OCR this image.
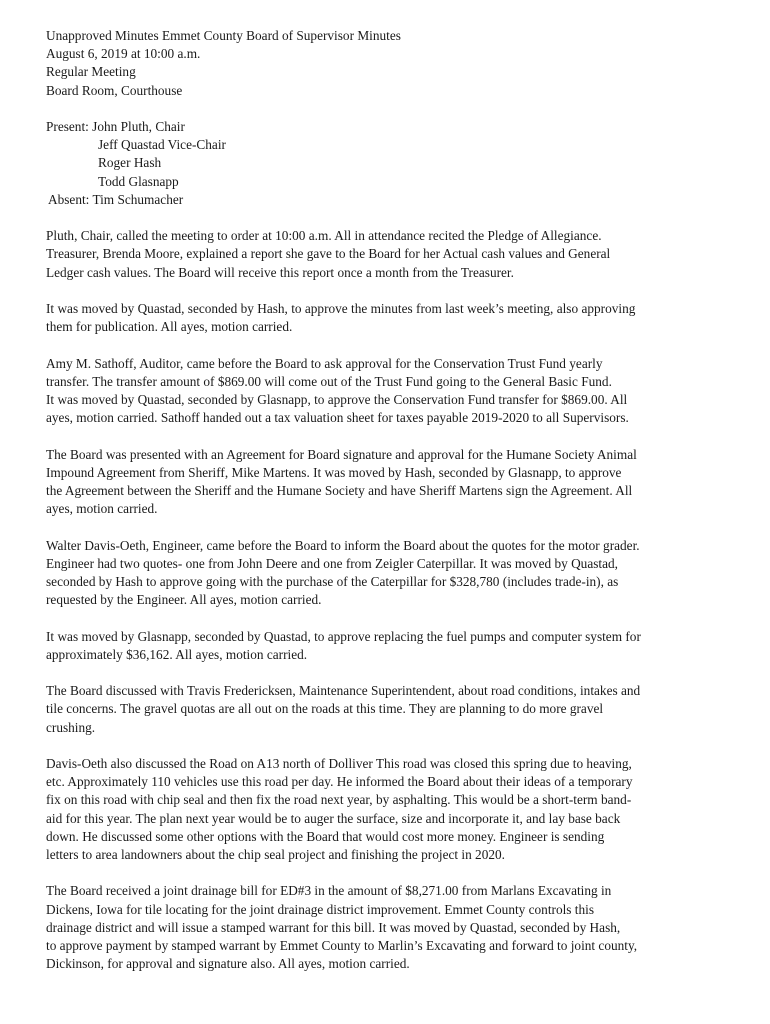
Unapproved Minutes Emmet County Board of Supervisor Minutes
August 6, 2019 at 10:00 a.m.
Regular Meeting
Board Room, Courthouse
Present: John Pluth, Chair
Jeff Quastad Vice-Chair
Roger Hash
Todd Glasnapp
Absent: Tim Schumacher
Pluth, Chair, called the meeting to order at 10:00 a.m. All in attendance recited the Pledge of Allegiance.
Treasurer, Brenda Moore, explained a report she gave to the Board for her Actual cash values and General
Ledger cash values. The Board will receive this report once a month from the Treasurer.
It was moved by Quastad, seconded by Hash, to approve the minutes from last week’s meeting, also approving
them for publication. All ayes, motion carried.
Amy M. Sathoff, Auditor, came before the Board to ask approval for the Conservation Trust Fund yearly
transfer. The transfer amount of $869.00 will come out of the Trust Fund going to the General Basic Fund.
It was moved by Quastad, seconded by Glasnapp, to approve the Conservation Fund transfer for $869.00. All
ayes, motion carried. Sathoff handed out a tax valuation sheet for taxes payable 2019-2020 to all Supervisors.
The Board was presented with an Agreement for Board signature and approval for the Humane Society Animal
Impound Agreement from Sheriff, Mike Martens. It was moved by Hash, seconded by Glasnapp, to approve
the Agreement between the Sheriff and the Humane Society and have Sheriff Martens sign the Agreement. All
ayes, motion carried.
Walter Davis-Oeth, Engineer, came before the Board to inform the Board about the quotes for the motor grader.
Engineer had two quotes- one from John Deere and one from Zeigler Caterpillar. It was moved by Quastad,
seconded by Hash to approve going with the purchase of the Caterpillar for $328,780 (includes trade-in), as
requested by the Engineer. All ayes, motion carried.
It was moved by Glasnapp, seconded by Quastad, to approve replacing the fuel pumps and computer system for
approximately $36,162. All ayes, motion carried.
The Board discussed with Travis Fredericksen, Maintenance Superintendent, about road conditions, intakes and
tile concerns. The gravel quotas are all out on the roads at this time. They are planning to do more gravel
crushing.
Davis-Oeth also discussed the Road on A13 north of Dolliver This road was closed this spring due to heaving,
etc. Approximately 110 vehicles use this road per day. He informed the Board about their ideas of a temporary
fix on this road with chip seal and then fix the road next year, by asphalting. This would be a short-term band-
aid for this year. The plan next year would be to auger the surface, size and incorporate it, and lay base back
down. He discussed some other options with the Board that would cost more money. Engineer is sending
letters to area landowners about the chip seal project and finishing the project in 2020.
The Board received a joint drainage bill for ED#3 in the amount of $8,271.00 from Marlans Excavating in
Dickens, Iowa for tile locating for the joint drainage district improvement. Emmet County controls this
drainage district and will issue a stamped warrant for this bill. It was moved by Quastad, seconded by Hash,
to approve payment by stamped warrant by Emmet County to Marlin’s Excavating and forward to joint county,
Dickinson, for approval and signature also. All ayes, motion carried.
